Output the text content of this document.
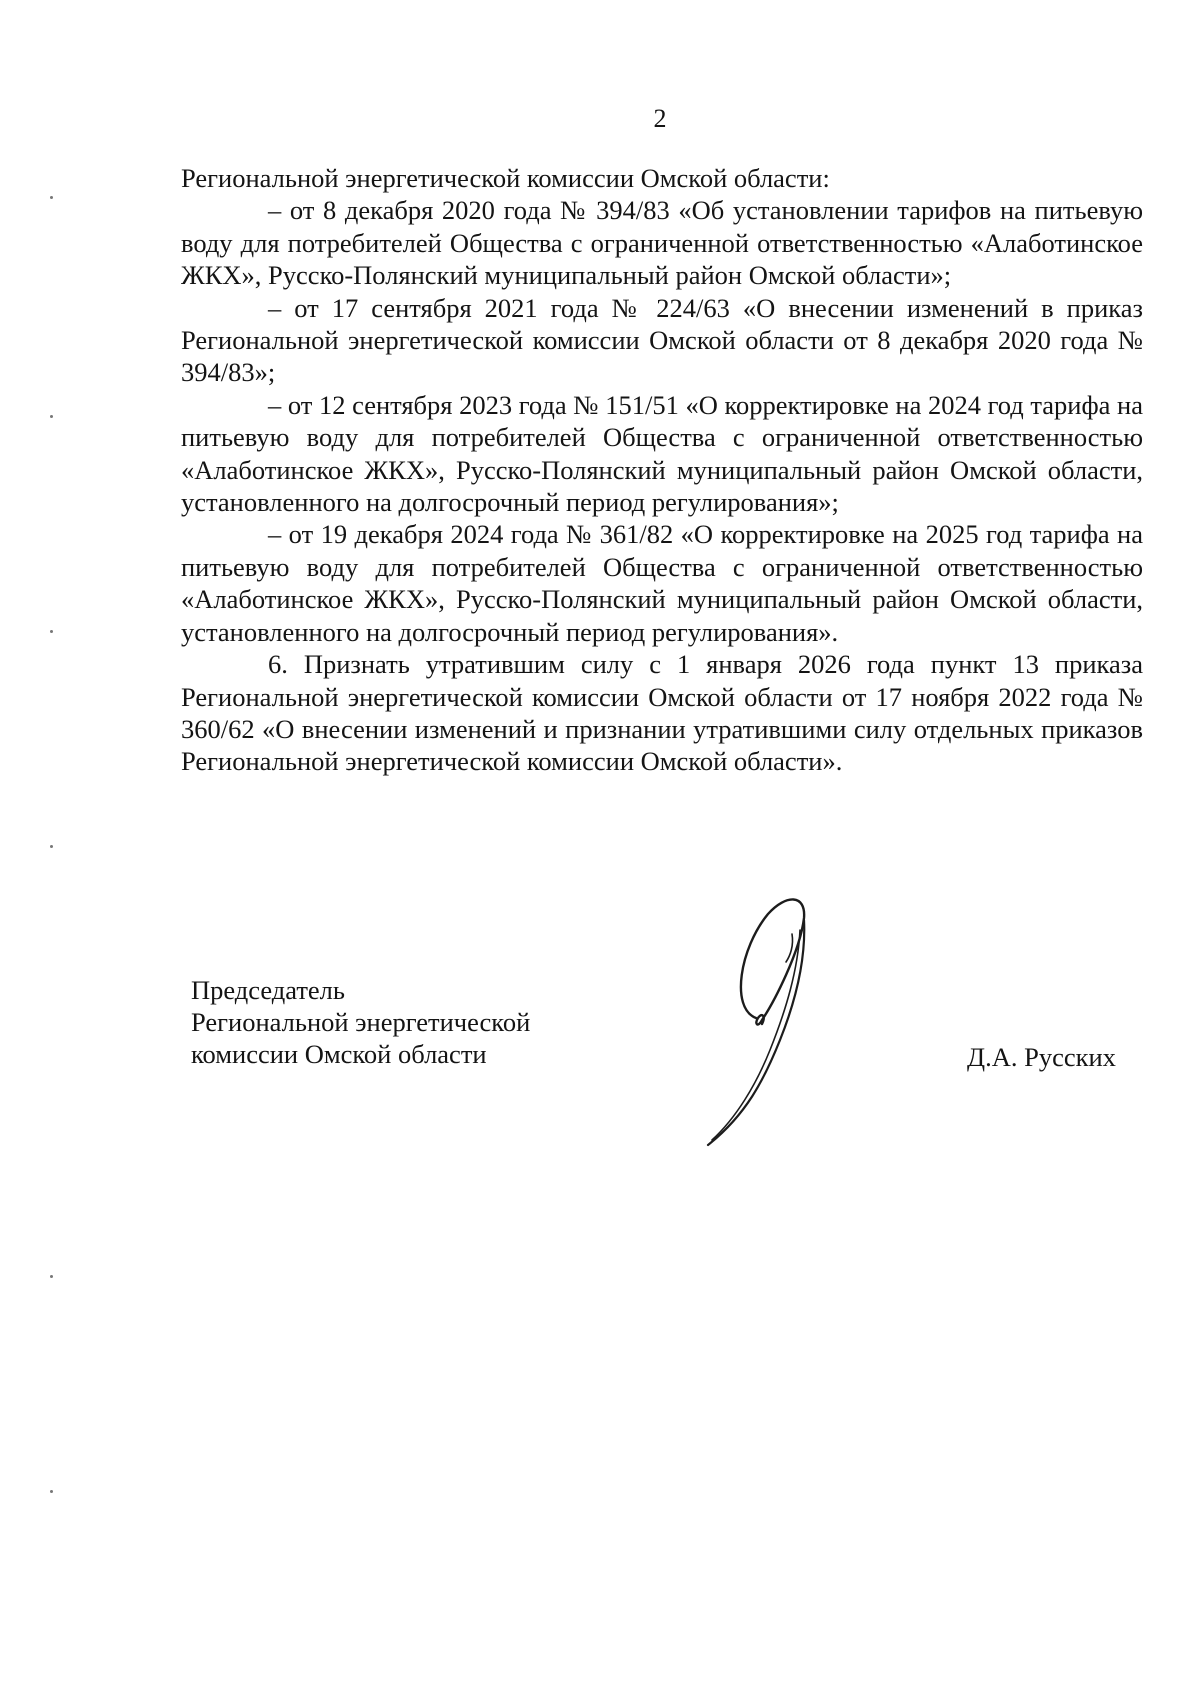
2

Региональной энергетической комиссии Омской области:

– от 8 декабря 2020 года № 394/83 «Об установлении тарифов на питьевую воду для потребителей Общества с ограниченной ответственностью «Алаботинское ЖКХ», Русско-Полянский муниципальный район Омской области»;

– от 17 сентября 2021 года № 224/63 «О внесении изменений в приказ Региональной энергетической комиссии Омской области от 8 декабря 2020 года № 394/83»;

– от 12 сентября 2023 года № 151/51 «О корректировке на 2024 год тарифа на питьевую воду для потребителей Общества с ограниченной ответственностью «Алаботинское ЖКХ», Русско-Полянский муниципальный район Омской области, установленного на долгосрочный период регулирования»;

– от 19 декабря 2024 года № 361/82 «О корректировке на 2025 год тарифа на питьевую воду для потребителей Общества с ограниченной ответственностью «Алаботинское ЖКХ», Русско-Полянский муниципальный район Омской области, установленного на долгосрочный период регулирования».

6. Признать утратившим силу с 1 января 2026 года пункт 13 приказа Региональной энергетической комиссии Омской области от 17 ноября 2022 года № 360/62 «О внесении изменений и признании утратившими силу отдельных приказов Региональной энергетической комиссии Омской области».

Председатель
Региональной энергетической
комиссии Омской области	Д.А. Русских
